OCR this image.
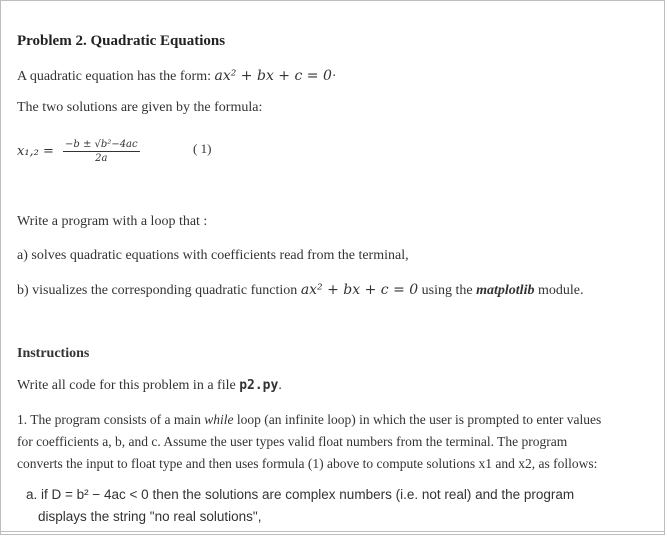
Problem 2. Quadratic Equations
A quadratic equation has the form: ax² + bx + c = 0·
The two solutions are given by the formula:
$x_1,_2 = \frac{\text{−b ± √b²−4ac}}{2a}$	( 1)
Write a program with a loop that :
a) solves quadratic equations with coefficients read from the terminal,
b) visualizes the corresponding quadratic function ax² + bx + c = 0 using the matplotlib module.
Instructions
Write all code for this problem in a file p2.py.
1. The program consists of a main while loop (an infinite loop) in which the user is prompted to enter values
for coefficients a, b, and c. Assume the user types valid float numbers from the terminal. The program
converts the input to float type and then uses formula (1) above to compute solutions x1 and x2, as follows:
a. if D = b² − 4ac < 0 then the solutions are complex numbers (i.e. not real) and the program
displays the string "no real solutions",
